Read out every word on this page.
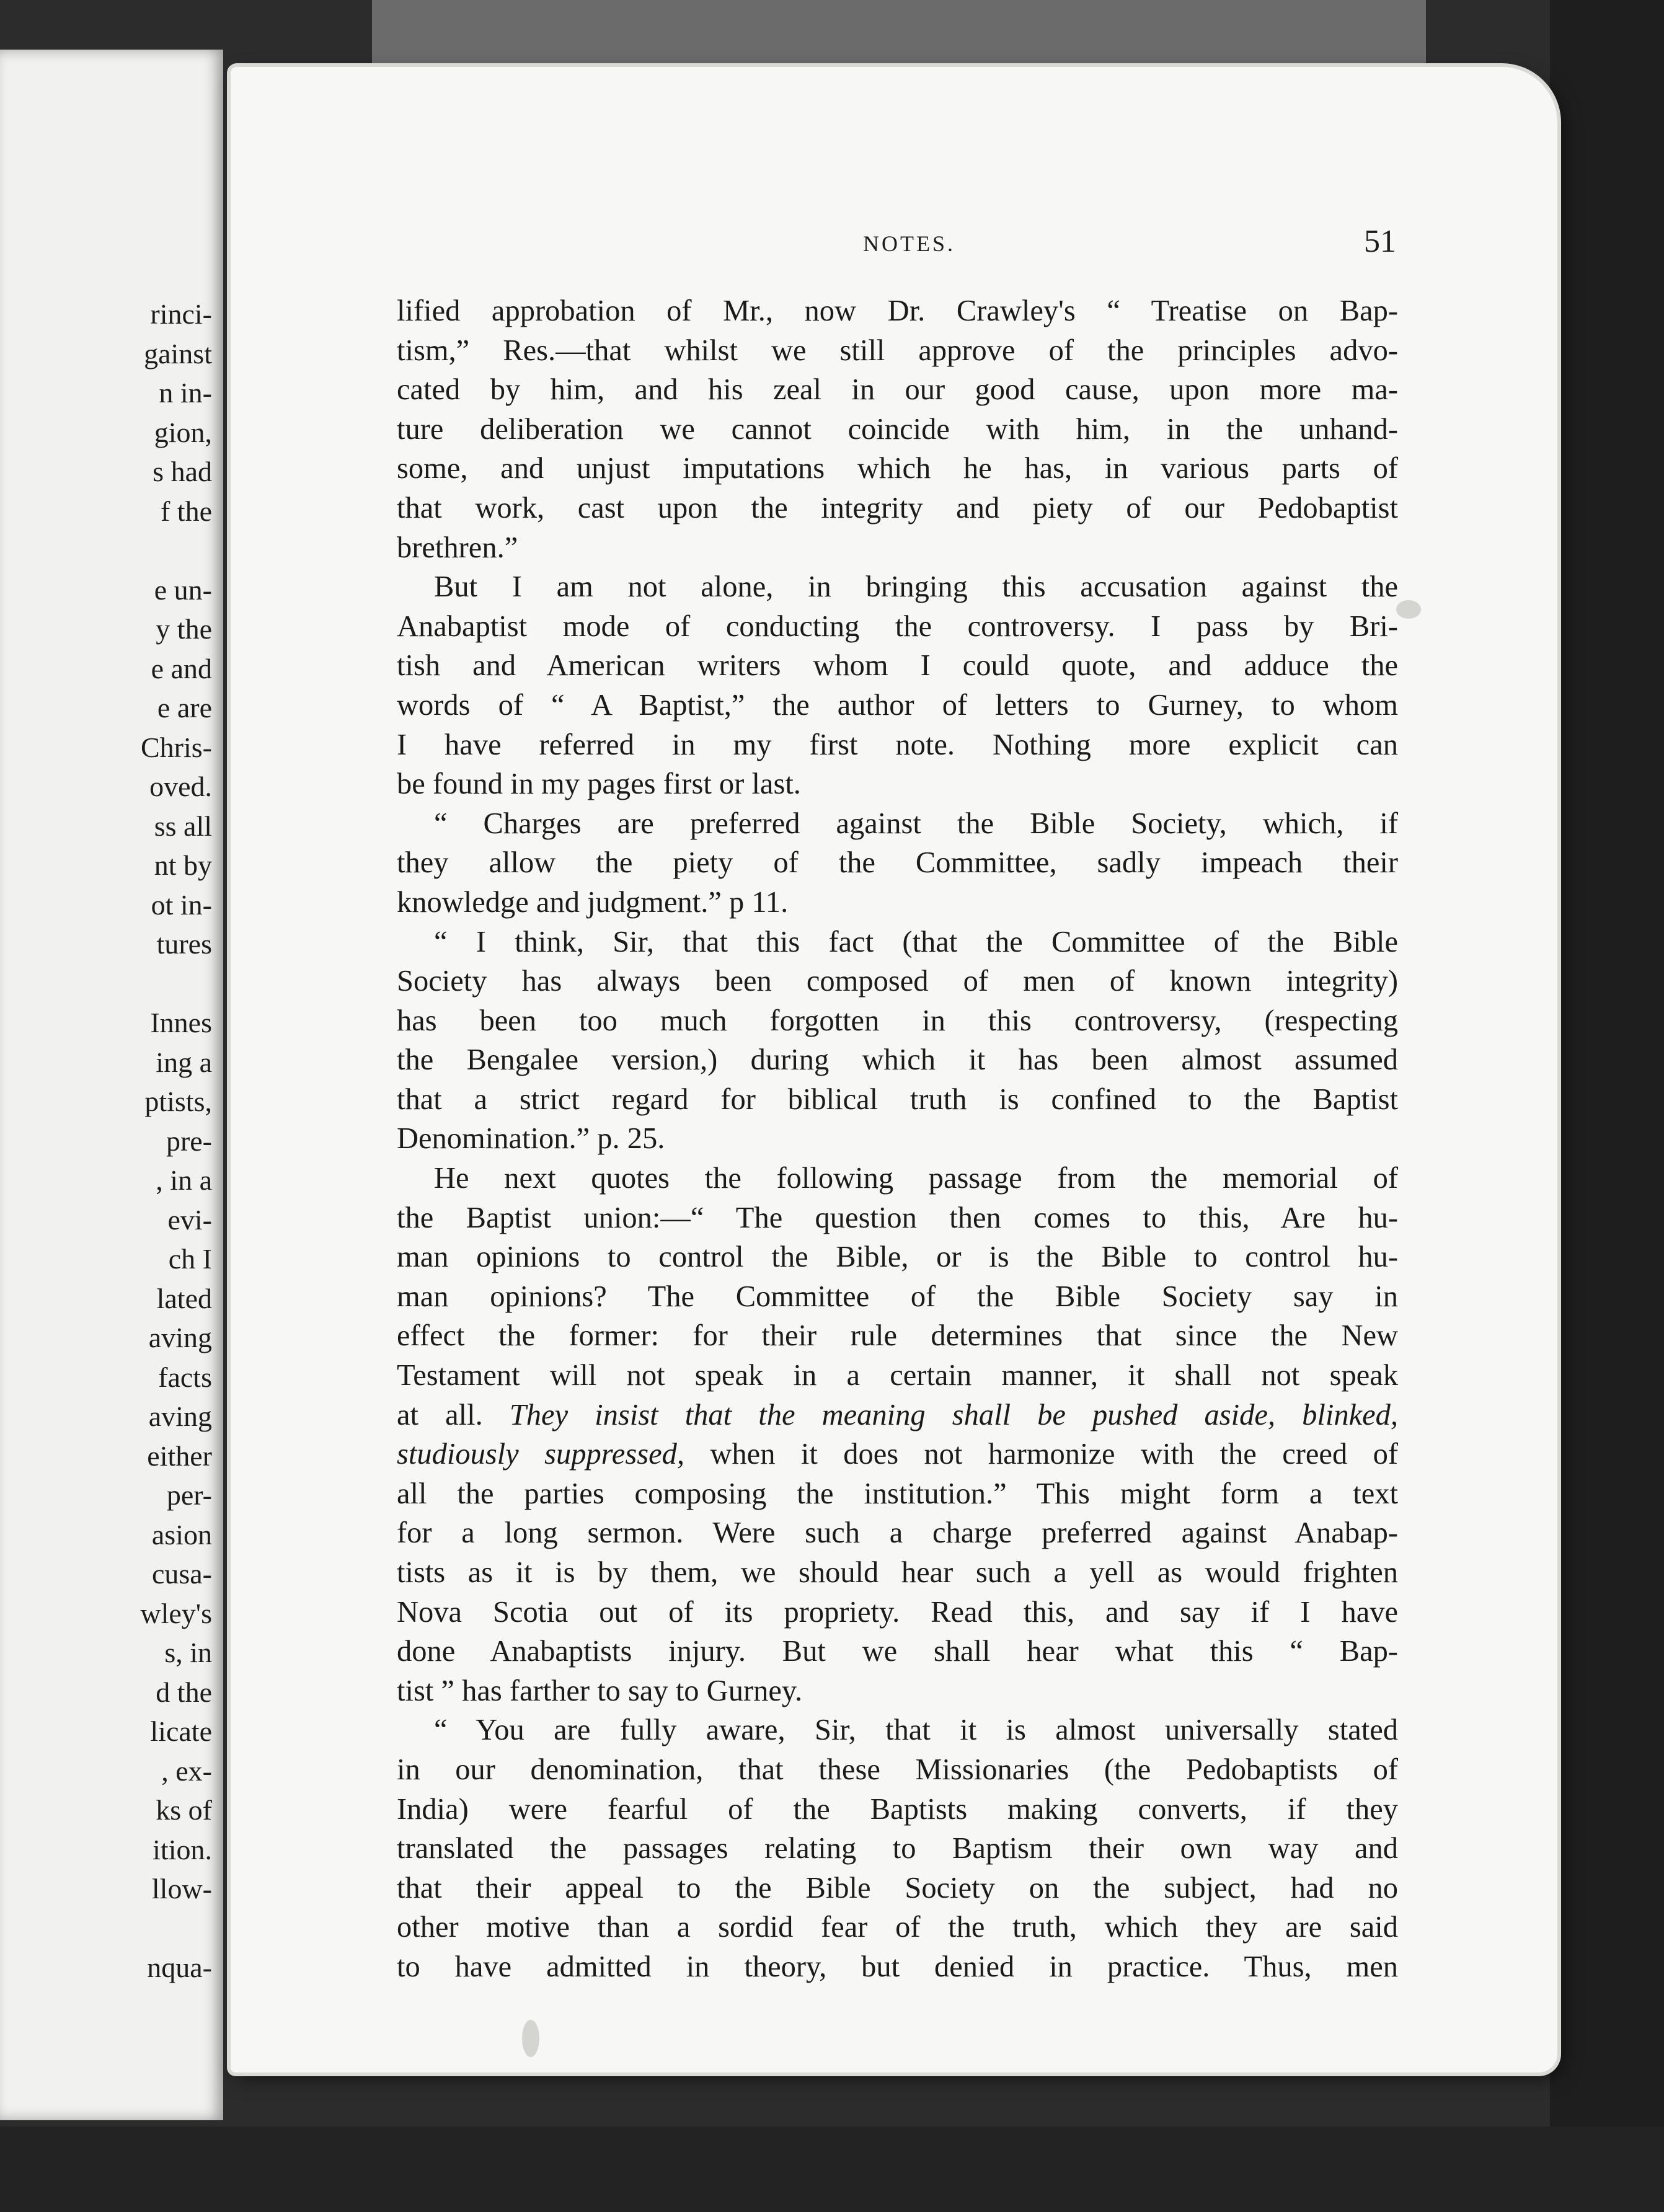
rinci-
gainst
n in-
gion,
s had
f the
e un-
y the
e and
e are
Chris-
oved.
ss all
nt by
ot in-
tures
Innes
ing a
ptists,
pre-
, in a
evi-
ch I
lated
aving
facts
aving
either
per-
asion
cusa-
wley's
s, in
d the
licate
, ex-
ks of
ition.
llow-
nqua-
NOTES.	51
lified approbation of Mr., now Dr. Crawley's “ Treatise on Bap-
tism,” Res.—that whilst we still approve of the principles advo-
cated by him, and his zeal in our good cause, upon more ma-
ture deliberation we cannot coincide with him, in the unhand-
some, and unjust imputations which he has, in various parts of
that work, cast upon the integrity and piety of our Pedobaptist
brethren.”
But I am not alone, in bringing this accusation against the
Anabaptist mode of conducting the controversy. I pass by Bri-
tish and American writers whom I could quote, and adduce the
words of “ A Baptist,” the author of letters to Gurney, to whom
I have referred in my first note. Nothing more explicit can
be found in my pages first or last.
“ Charges are preferred against the Bible Society, which, if
they allow the piety of the Committee, sadly impeach their
knowledge and judgment.” p 11.
“ I think, Sir, that this fact (that the Committee of the Bible
Society has always been composed of men of known integrity)
has been too much forgotten in this controversy, (respecting
the Bengalee version,) during which it has been almost assumed
that a strict regard for biblical truth is confined to the Baptist
Denomination.” p. 25.
He next quotes the following passage from the memorial of
the Baptist union:—“ The question then comes to this, Are hu-
man opinions to control the Bible, or is the Bible to control hu-
man opinions? The Committee of the Bible Society say in
effect the former: for their rule determines that since the New
Testament will not speak in a certain manner, it shall not speak
at all. They insist that the meaning shall be pushed aside, blinked,
studiously suppressed, when it does not harmonize with the creed of
all the parties composing the institution.” This might form a text
for a long sermon. Were such a charge preferred against Anabap-
tists as it is by them, we should hear such a yell as would frighten
Nova Scotia out of its propriety. Read this, and say if I have
done Anabaptists injury. But we shall hear what this “ Bap-
tist ” has farther to say to Gurney.
“ You are fully aware, Sir, that it is almost universally stated
in our denomination, that these Missionaries (the Pedobaptists of
India) were fearful of the Baptists making converts, if they
translated the passages relating to Baptism their own way and
that their appeal to the Bible Society on the subject, had no
other motive than a sordid fear of the truth, which they are said
to have admitted in theory, but denied in practice. Thus, men
